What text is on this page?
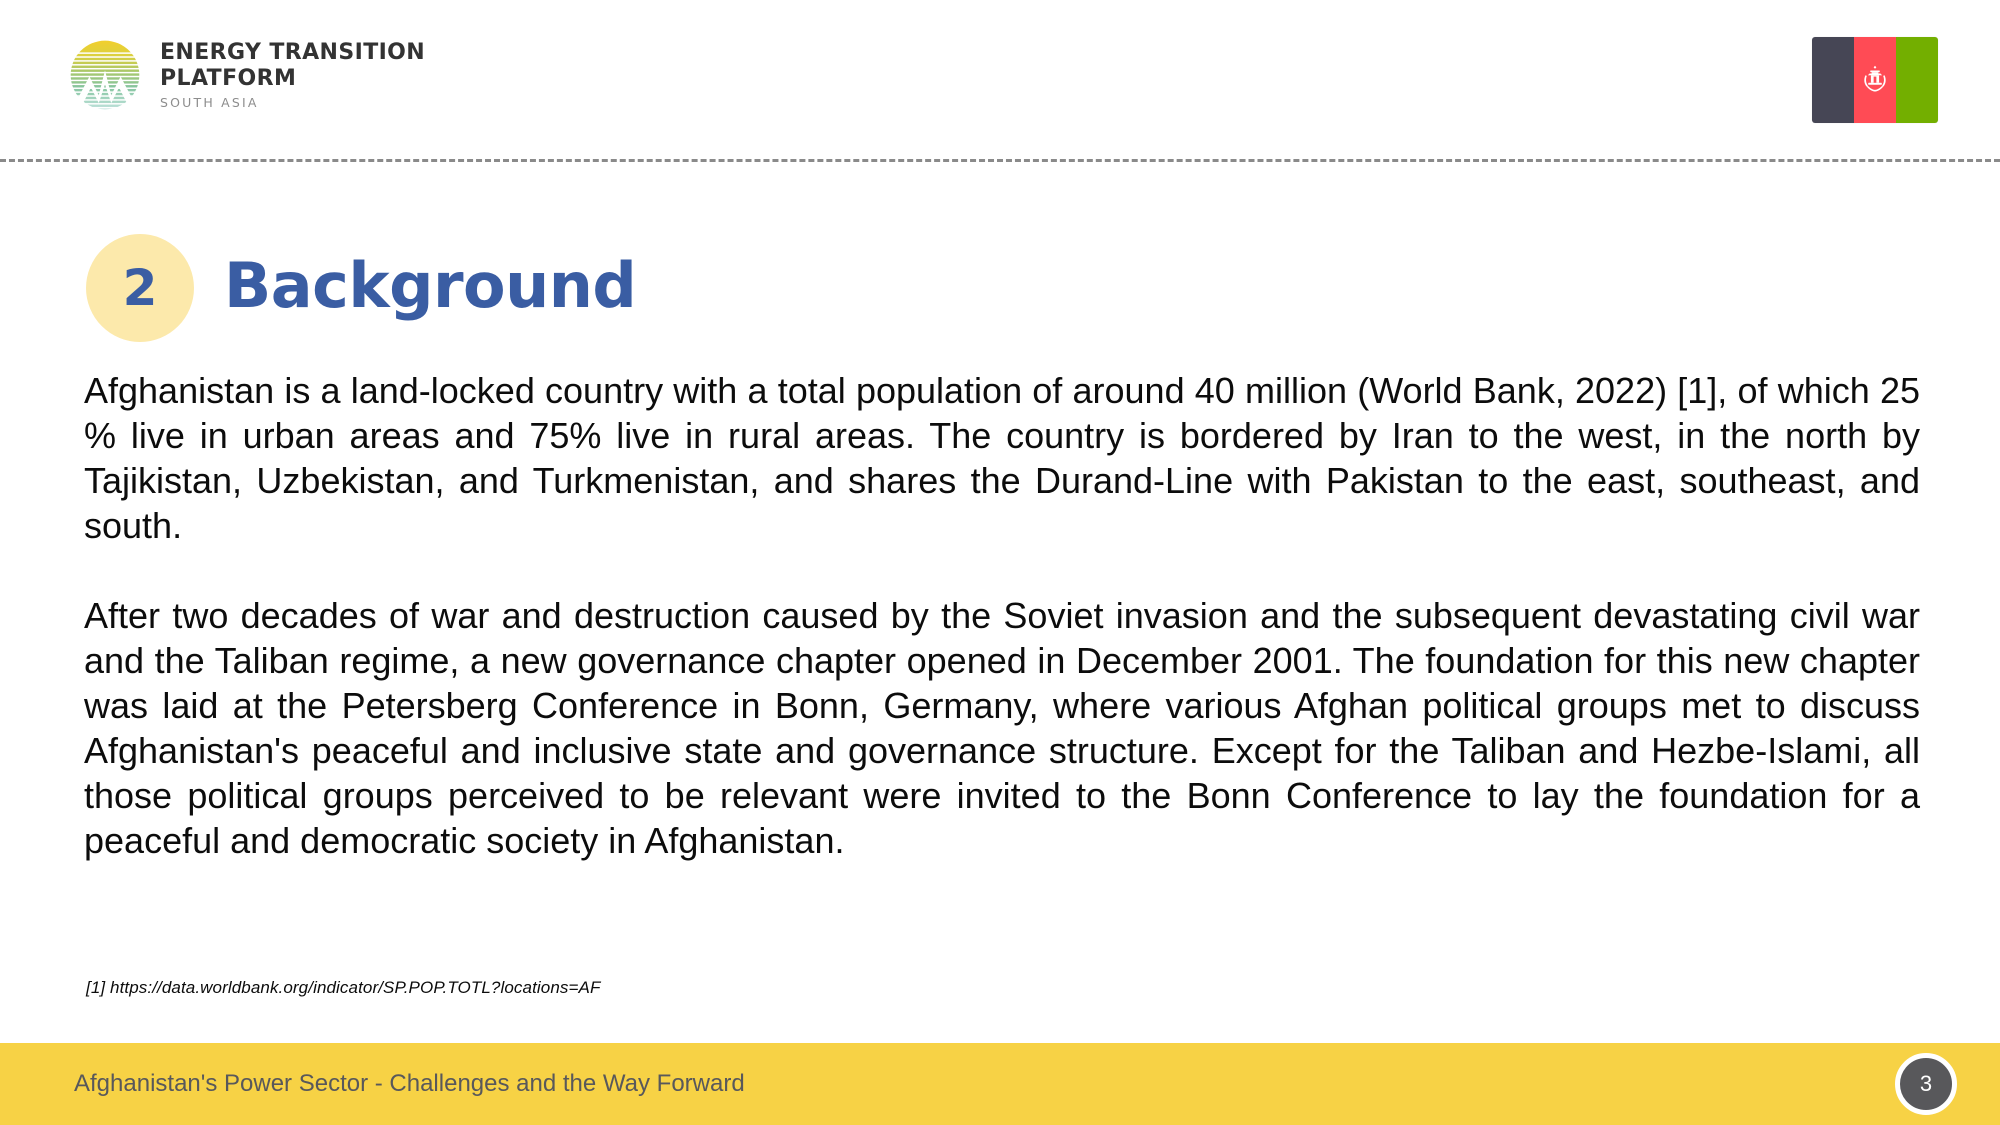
ENERGY TRANSITION
PLATFORM
SOUTH ASIA
2 Background

Afghanistan is a land-locked country with a total population of around 40 million (World Bank, 2022) [1], of which 25 % live in urban areas and 75% live in rural areas. The country is bordered by Iran to the west, in the north by Tajikistan, Uzbekistan, and Turkmenistan, and shares the Durand-Line with Pakistan to the east, southeast, and south.

After two decades of war and destruction caused by the Soviet invasion and the subsequent devastating civil war and the Taliban regime, a new governance chapter opened in December 2001. The foundation for this new chapter was laid at the Petersberg Conference in Bonn, Germany, where various Afghan political groups met to discuss Afghanistan's peaceful and inclusive state and governance structure. Except for the Taliban and Hezbe-Islami, all those political groups perceived to be relevant were invited to the Bonn Conference to lay the foundation for a peaceful and democratic society in Afghanistan.

[1] https://data.worldbank.org/indicator/SP.POP.TOTL?locations=AF
Afghanistan's Power Sector - Challenges and the Way Forward	3
